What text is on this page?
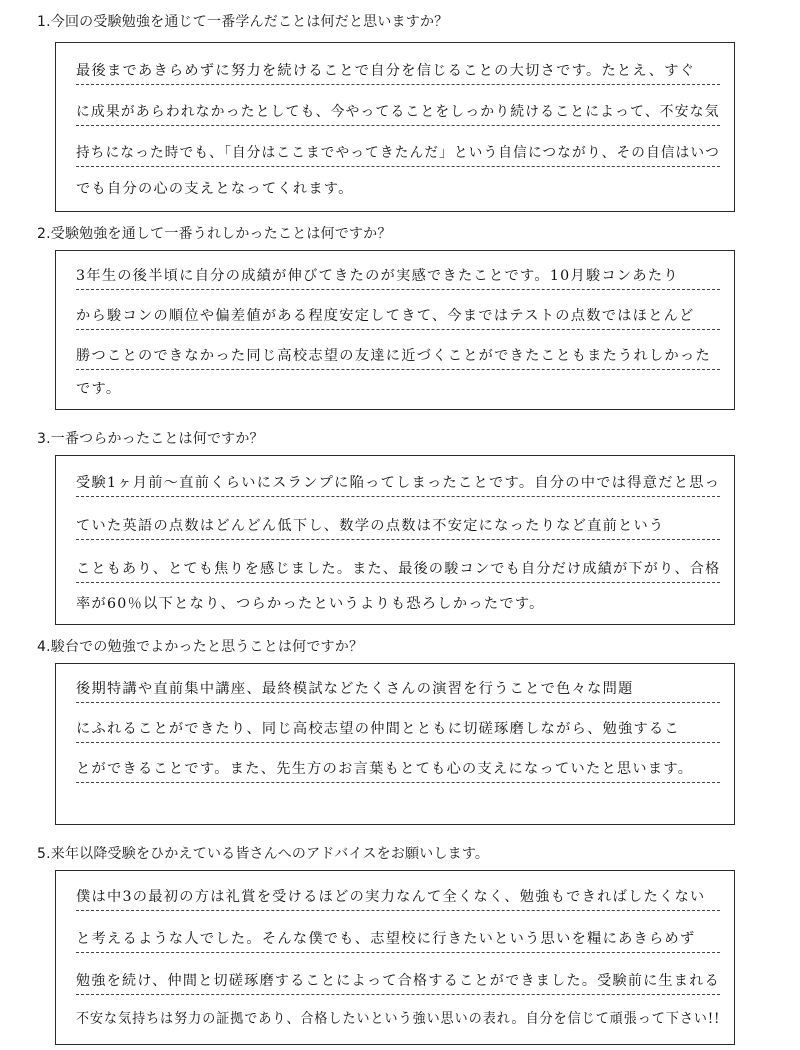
1.今回の受験勉強を通じて一番学んだことは何だと思いますか？
最後まであきらめずに努力を続けることで自分を信じることの大切さです。たとえ、すぐ
に成果があらわれなかったとしても、今やってることをしっかり続けることによって、不安な気
持ちになった時でも、「自分はここまでやってきたんだ」という自信につながり、その自信はいつ
でも自分の心の支えとなってくれます。
2.受験勉強を通して一番うれしかったことは何ですか？
3年生の後半頃に自分の成績が伸びてきたのが実感できたことです。10月駿コンあたり
から駿コンの順位や偏差値がある程度安定してきて、今まではテストの点数ではほとんど
勝つことのできなかった同じ高校志望の友達に近づくことができたこともまたうれしかった
です。
3.一番つらかったことは何ですか？
受験1ヶ月前～直前くらいにスランプに陥ってしまったことです。自分の中では得意だと思っ
ていた英語の点数はどんどん低下し、数学の点数は不安定になったりなど直前という
こともあり、とても焦りを感じました。また、最後の駿コンでも自分だけ成績が下がり、合格
率が60％以下となり、つらかったというよりも恐ろしかったです。
4.駿台での勉強でよかったと思うことは何ですか？
後期特講や直前集中講座、最終模試などたくさんの演習を行うことで色々な問題
にふれることができたり、同じ高校志望の仲間とともに切磋琢磨しながら、勉強するこ
とができることです。また、先生方のお言葉もとても心の支えになっていたと思います。
5.来年以降受験をひかえている皆さんへのアドバイスをお願いします。
僕は中3の最初の方は礼賞を受けるほどの実力なんて全くなく、勉強もできればしたくない
と考えるような人でした。そんな僕でも、志望校に行きたいという思いを糧にあきらめず
勉強を続け、仲間と切磋琢磨することによって合格することができました。受験前に生まれる
不安な気持ちは努力の証拠であり、合格したいという強い思いの表れ。自分を信じて頑張って下さい!!
